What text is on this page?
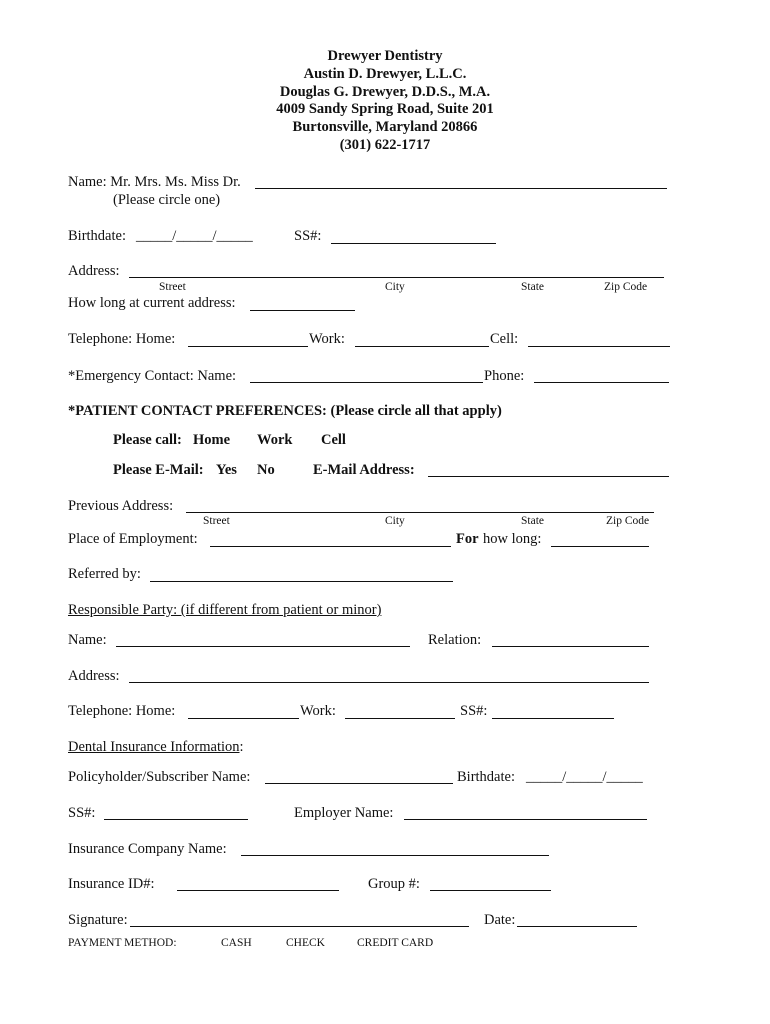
Drewyer Dentistry
Austin D. Drewyer, L.L.C.
Douglas G. Drewyer, D.D.S., M.A.
4009 Sandy Spring Road, Suite 201
Burtonsville, Maryland 20866
(301) 622-1717
Name: Mr. Mrs. Ms. Miss Dr.
(Please circle one)
Birthdate: _____/_____/_____	SS#:
Address:
Street	City	State	Zip Code
How long at current address:
Telephone: Home:	Work:	Cell:
*Emergency Contact: Name:	Phone:
*PATIENT CONTACT PREFERENCES: (Please circle all that apply)
Please call: Home Work Cell
Please E-Mail: Yes No	E-Mail Address:
Previous Address:
Street	City	State	Zip Code
Place of Employment:	For how long:
Referred by:
Responsible Party: (if different from patient or minor)
Name:	Relation:
Address:
Telephone: Home:	Work:	SS#:
Dental Insurance Information:
Policyholder/Subscriber Name:	Birthdate: _____/_____/_____
SS#:	Employer Name:
Insurance Company Name:
Insurance ID#:	Group #:
Signature:	Date:
PAYMENT METHOD:	CASH	CHECK	CREDIT CARD
